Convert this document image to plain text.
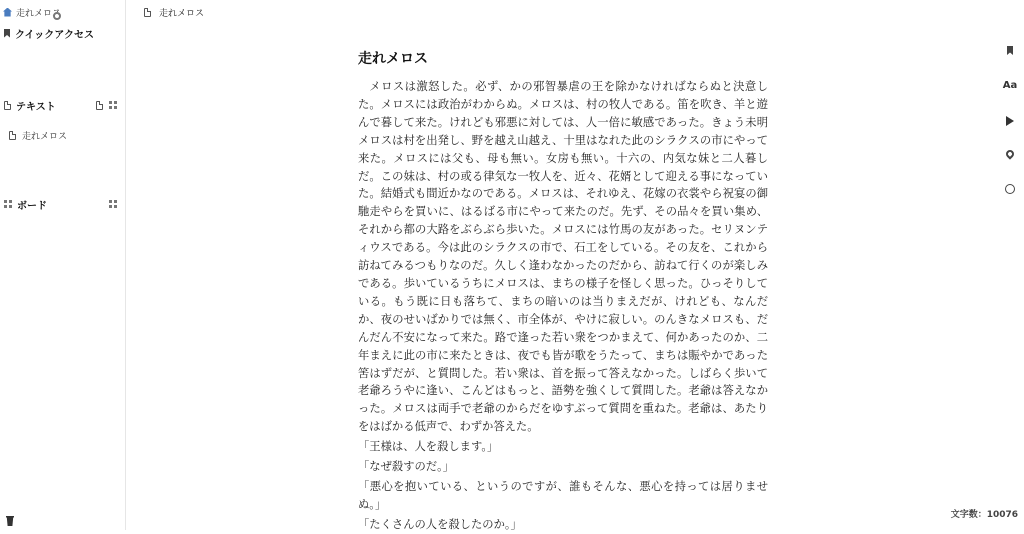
走れメロス
クイックアクセス
テキスト
走れメロス
ボード
走れメロス
走れメロス

メロスは激怒した。必ず、かの邪智暴虐の王を除かなければならぬと決意した。メロスには政治がわからぬ。メロスは、村の牧人である。笛を吹き、羊と遊んで暮して来た。けれども邪悪に対しては、人一倍に敏感であった。きょう未明メロスは村を出発し、野を越え山越え、十里はなれた此のシラクスの市にやって来た。メロスには父も、母も無い。女房も無い。十六の、内気な妹と二人暮しだ。この妹は、村の或る律気な一牧人を、近々、花婿として迎える事になっていた。結婚式も間近かなのである。メロスは、それゆえ、花嫁の衣裳やら祝宴の御馳走やらを買いに、はるばる市にやって来たのだ。先ず、その品々を買い集め、それから都の大路をぶらぶら歩いた。メロスには竹馬の友があった。セリヌンティウスである。今は此のシラクスの市で、石工をしている。その友を、これから訪ねてみるつもりなのだ。久しく逢わなかったのだから、訪ねて行くのが楽しみである。歩いているうちにメロスは、まちの様子を怪しく思った。ひっそりしている。もう既に日も落ちて、まちの暗いのは当りまえだが、けれども、なんだか、夜のせいばかりでは無く、市全体が、やけに寂しい。のんきなメロスも、だんだん不安になって来た。路で逢った若い衆をつかまえて、何かあったのか、二年まえに此の市に来たときは、夜でも皆が歌をうたって、まちは賑やかであった筈はずだが、と質問した。若い衆は、首を振って答えなかった。しばらく歩いて老爺ろうやに逢い、こんどはもっと、語勢を強くして質問した。老爺は答えなかった。メロスは両手で老爺のからだをゆすぶって質問を重ねた。老爺は、あたりをはばかる低声で、わずか答えた。

「王様は、人を殺します。」

「なぜ殺すのだ。」

「悪心を抱いている、というのですが、誰もそんな、悪心を持っては居りませぬ。」

「たくさんの人を殺したのか。」

Aa
文字数：10076
